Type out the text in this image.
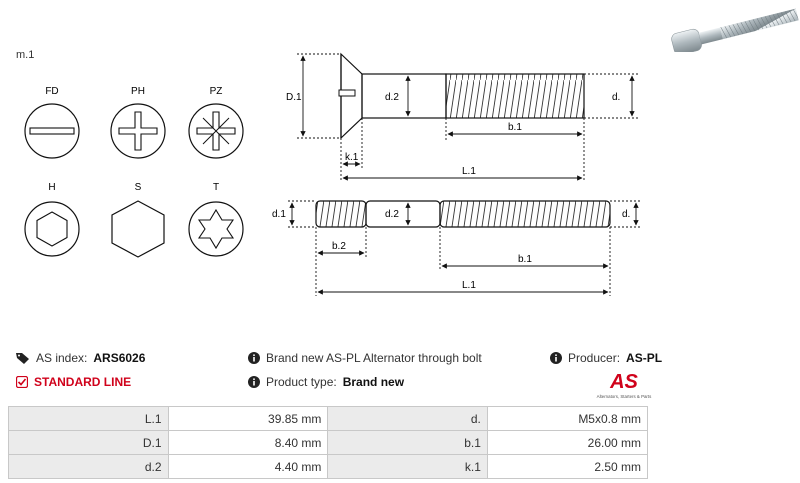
m.1
FD	PH	PZ
H	S	T
D.1	d.2	d.
b.1
k.1
L.1
d.1	d.2	d.
b.2
b.1
L.1
AS index: ARS6026
STANDARD LINE
Brand new AS-PL Alternator through bolt
Product type: Brand new
Producer: AS-PL
AS
Alternators, Starters & Parts
L.1	39.85 mm	d.	M5x0.8 mm
D.1	8.40 mm	b.1	26.00 mm
d.2	4.40 mm	k.1	2.50 mm
